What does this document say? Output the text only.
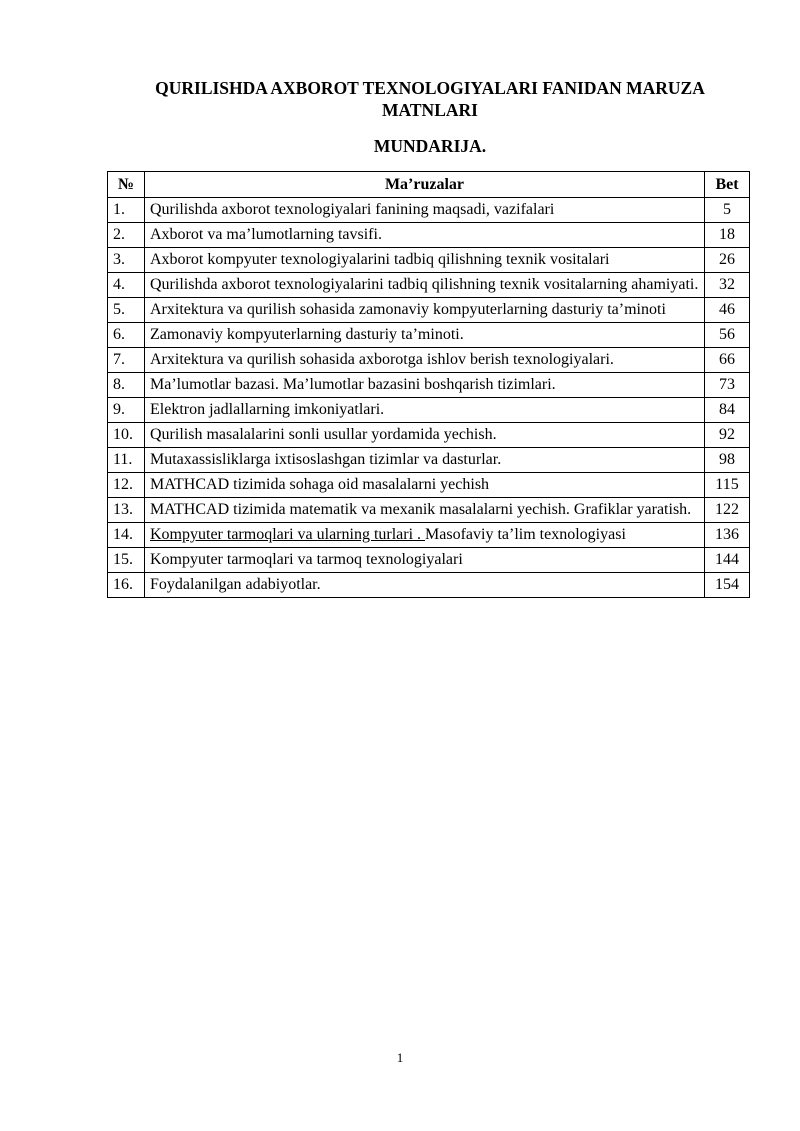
QURILISHDA AXBOROT TEXNOLOGIYALARI FANIDAN MARUZA MATNLARI
MUNDARIJA.
№	Ma’ruzalar	Bet
1.	Qurilishda axborot texnologiyalari fanining maqsadi, vazifalari	5
2.	Axborot va ma’lumotlarning tavsifi.	18
3.	Axborot kompyuter texnologiyalarini tadbiq qilishning texnik vositalari	26
4.	Qurilishda axborot texnologiyalarini tadbiq qilishning texnik vositalarning ahamiyati.	32
5.	Arxitektura va qurilish sohasida zamonaviy kompyuterlarning dasturiy ta’minoti	46
6.	Zamonaviy kompyuterlarning dasturiy ta’minoti.	56
7.	Arxitektura va qurilish sohasida axborotga ishlov berish texnologiyalari.	66
8.	Ma’lumotlar bazasi. Ma’lumotlar bazasini boshqarish tizimlari.	73
9.	Elektron jadlallarning imkoniyatlari.	84
10.	Qurilish masalalarini sonli usullar yordamida yechish.	92
11.	Mutaxassisliklarga ixtisoslashgan tizimlar va dasturlar.	98
12.	MATHCAD tizimida sohaga oid masalalarni yechish	115
13.	MATHCAD tizimida matematik va mexanik masalalarni yechish. Grafiklar yaratish.	122
14.	Kompyuter tarmoqlari va ularning turlari . Masofaviy ta’lim texnologiyasi	136
15.	Kompyuter tarmoqlari va tarmoq texnologiyalari	144
16.	Foydalanilgan adabiyotlar.	154
1
